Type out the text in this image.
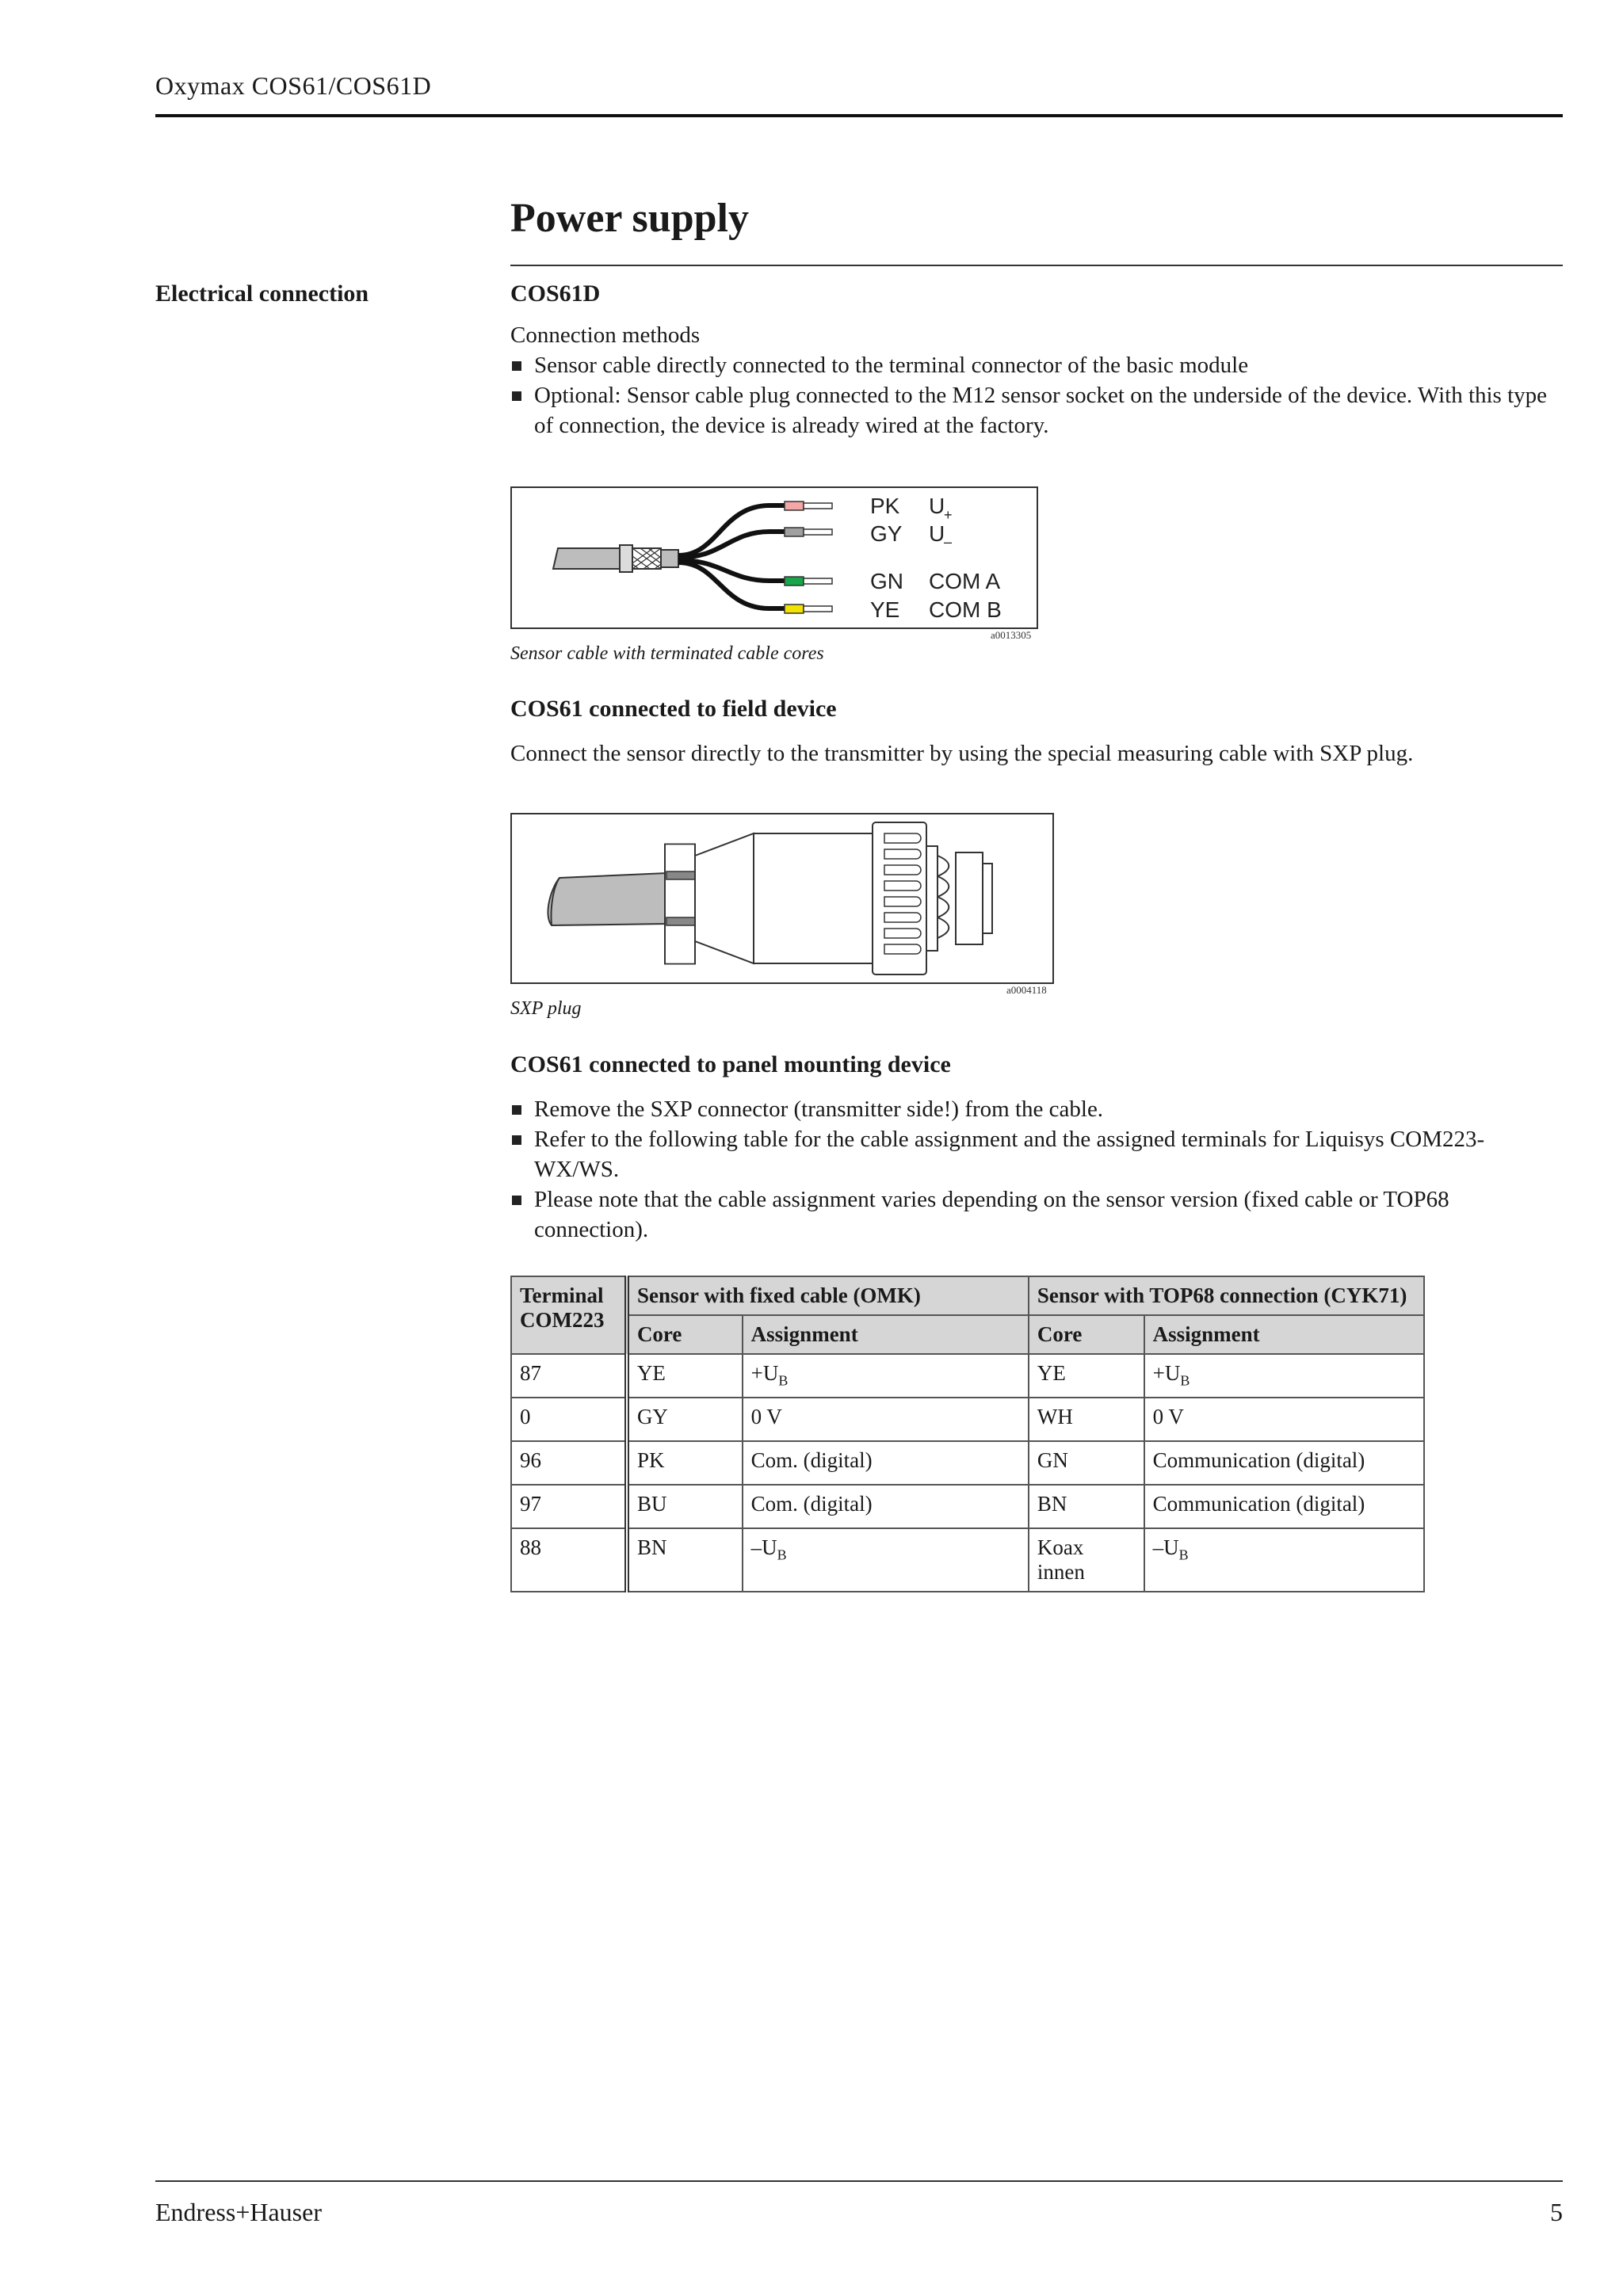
Oxymax COS61/COS61D
Power supply
Electrical connection	COS61D
Connection methods
Sensor cable directly connected to the terminal connector of the basic module
Optional: Sensor cable plug connected to the M12 sensor socket on the underside of the device. With this type of connection, the device is already wired at the factory.
PK
GY
GN
YE
U
+
U
–
COM A
COM B
a0013305
Sensor cable with terminated cable cores
COS61 connected to field device
Connect the sensor directly to the transmitter by using the special measuring cable with SXP plug.
a0004118
SXP plug
COS61 connected to panel mounting device
Remove the SXP connector (transmitter side!) from the cable.
Refer to the following table for the cable assignment and the assigned terminals for Liquisys COM223-WX/WS.
Please note that the cable assignment varies depending on the sensor version (fixed cable or TOP68 connection).
Terminal COM223	Sensor with fixed cable (OMK)		Sensor with TOP68 connection (CYK71)	
	Core	Assignment	Core	Assignment
87	YE	$+U_B$	YE	$+U_B$
0	GY	0 V	WH	0 V
96	PK	Com. (digital)	GN	Communication (digital)
97	BU	Com. (digital)	BN	Communication (digital)
88	BN	$-U_B$	Koax innen	$-U_B$
Endress+Hauser	5
